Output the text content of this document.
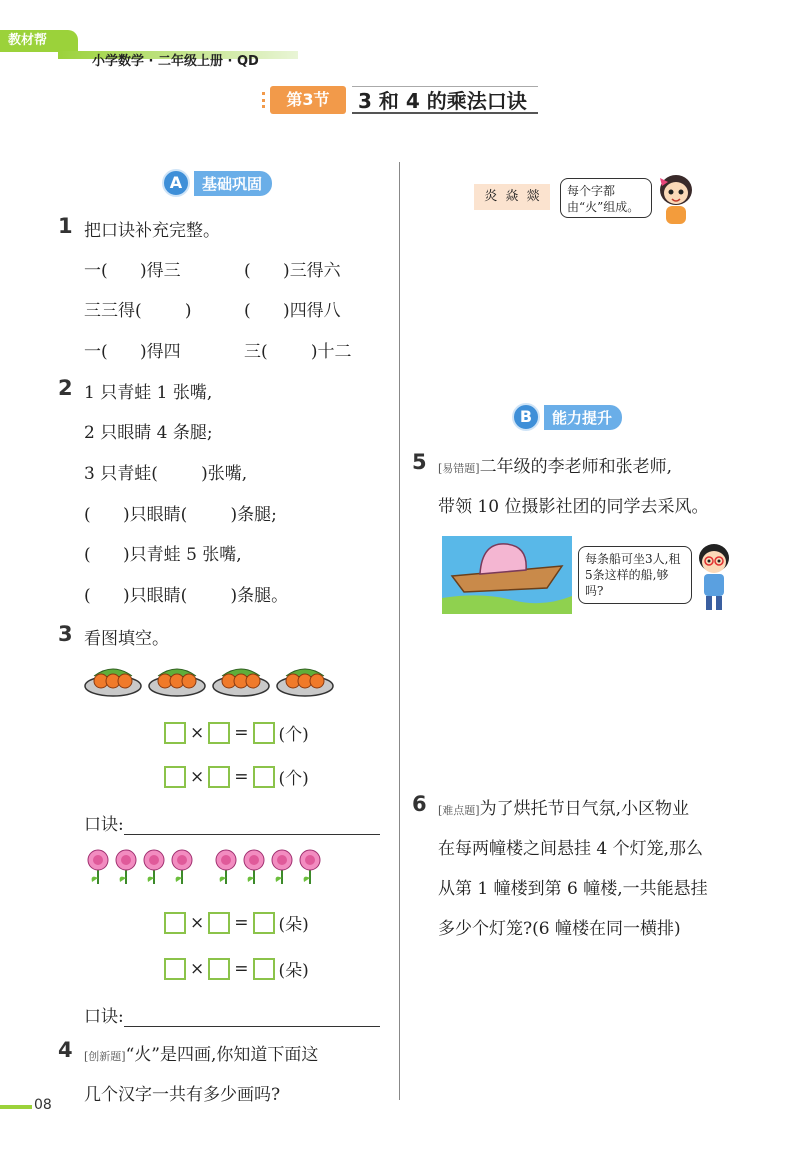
教材帮
小学数学 · 二年级上册 · QD
第3节	3 和 4 的乘法口诀
A	基础巩固
1 把口诀补充完整。
一(      )得三	(      )三得六
三三得(        )	(      )四得八
一(      )得四	三(        )十二
2 1 只青蛙 1 张嘴,
2 只眼睛 4 条腿;
3 只青蛙(        )张嘴,
(      )只眼睛(        )条腿;
(      )只青蛙 5 张嘴,
(      )只眼睛(        )条腿。
3 看图填空。
× = (个)
× = (个)
口诀:
× = (朵)
× = (朵)
口诀:
4 [创新题]“火”是四画,你知道下面这
几个汉字一共有多少画吗?
炎  焱  燚	每个字都由“火”组成。
B	能力提升
5 [易错题]二年级的李老师和张老师,
带领 10 位摄影社团的同学去采风。
每条船可坐3人,租5条这样的船,够吗?
6 [难点题]为了烘托节日气氛,小区物业
在每两幢楼之间悬挂 4 个灯笼,那么
从第 1 幢楼到第 6 幢楼,一共能悬挂
多少个灯笼?(6 幢楼在同一横排)
08
